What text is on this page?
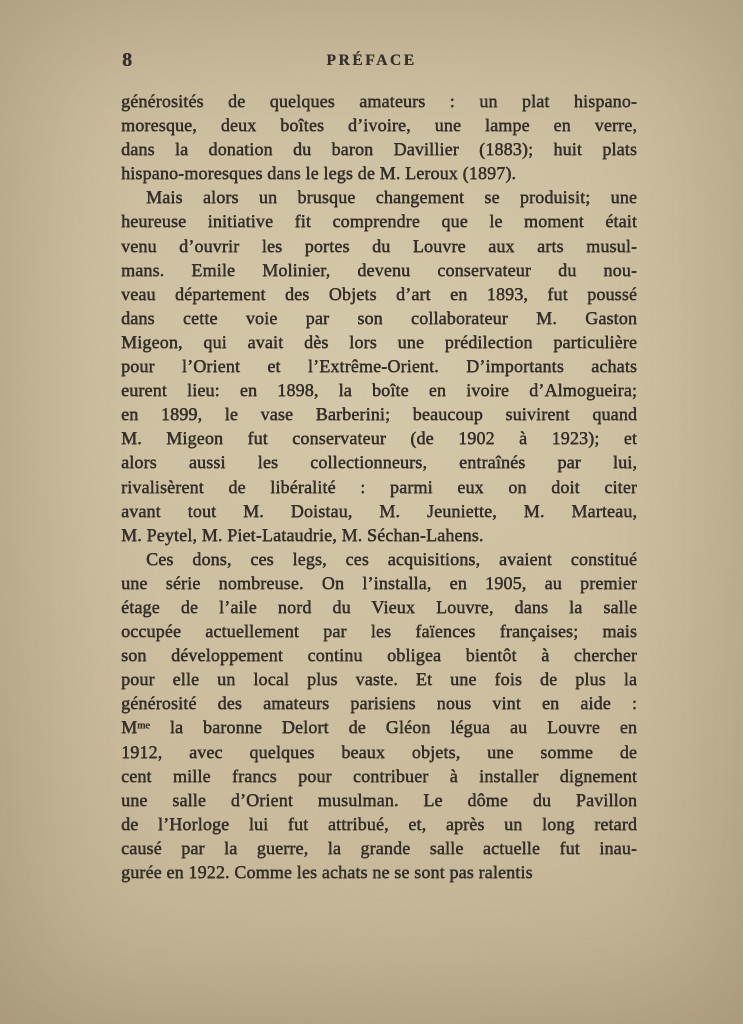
8	PRÉFACE
générosités de quelques amateurs : un plat hispano-
moresque, deux boîtes d’ivoire, une lampe en verre,
dans la donation du baron Davillier (1883); huit plats
hispano-moresques dans le legs de M. Leroux (1897).
Mais alors un brusque changement se produisit; une
heureuse initiative fit comprendre que le moment était
venu d’ouvrir les portes du Louvre aux arts musul-
mans. Emile Molinier, devenu conservateur du nou-
veau département des Objets d’art en 1893, fut poussé
dans cette voie par son collaborateur M. Gaston
Migeon, qui avait dès lors une prédilection particulière
pour l’Orient et l’Extrême-Orient. D’importants achats
eurent lieu: en 1898, la boîte en ivoire d’Almogueira;
en 1899, le vase Barberini; beaucoup suivirent quand
M. Migeon fut conservateur (de 1902 à 1923); et
alors aussi les collectionneurs, entraînés par lui,
rivalisèrent de libéralité : parmi eux on doit citer
avant tout M. Doistau, M. Jeuniette, M. Marteau,
M. Peytel, M. Piet-Lataudrie, M. Séchan-Lahens.
Ces dons, ces legs, ces acquisitions, avaient constitué
une série nombreuse. On l’installa, en 1905, au premier
étage de l’aile nord du Vieux Louvre, dans la salle
occupée actuellement par les faïences françaises; mais
son développement continu obligea bientôt à chercher
pour elle un local plus vaste. Et une fois de plus la
générosité des amateurs parisiens nous vint en aide :
$M^{me}$ la baronne Delort de Gléon légua au Louvre en
1912, avec quelques beaux objets, une somme de
cent mille francs pour contribuer à installer dignement
une salle d’Orient musulman. Le dôme du Pavillon
de l’Horloge lui fut attribué, et, après un long retard
causé par la guerre, la grande salle actuelle fut inau-
gurée en 1922. Comme les achats ne se sont pas ralentis
